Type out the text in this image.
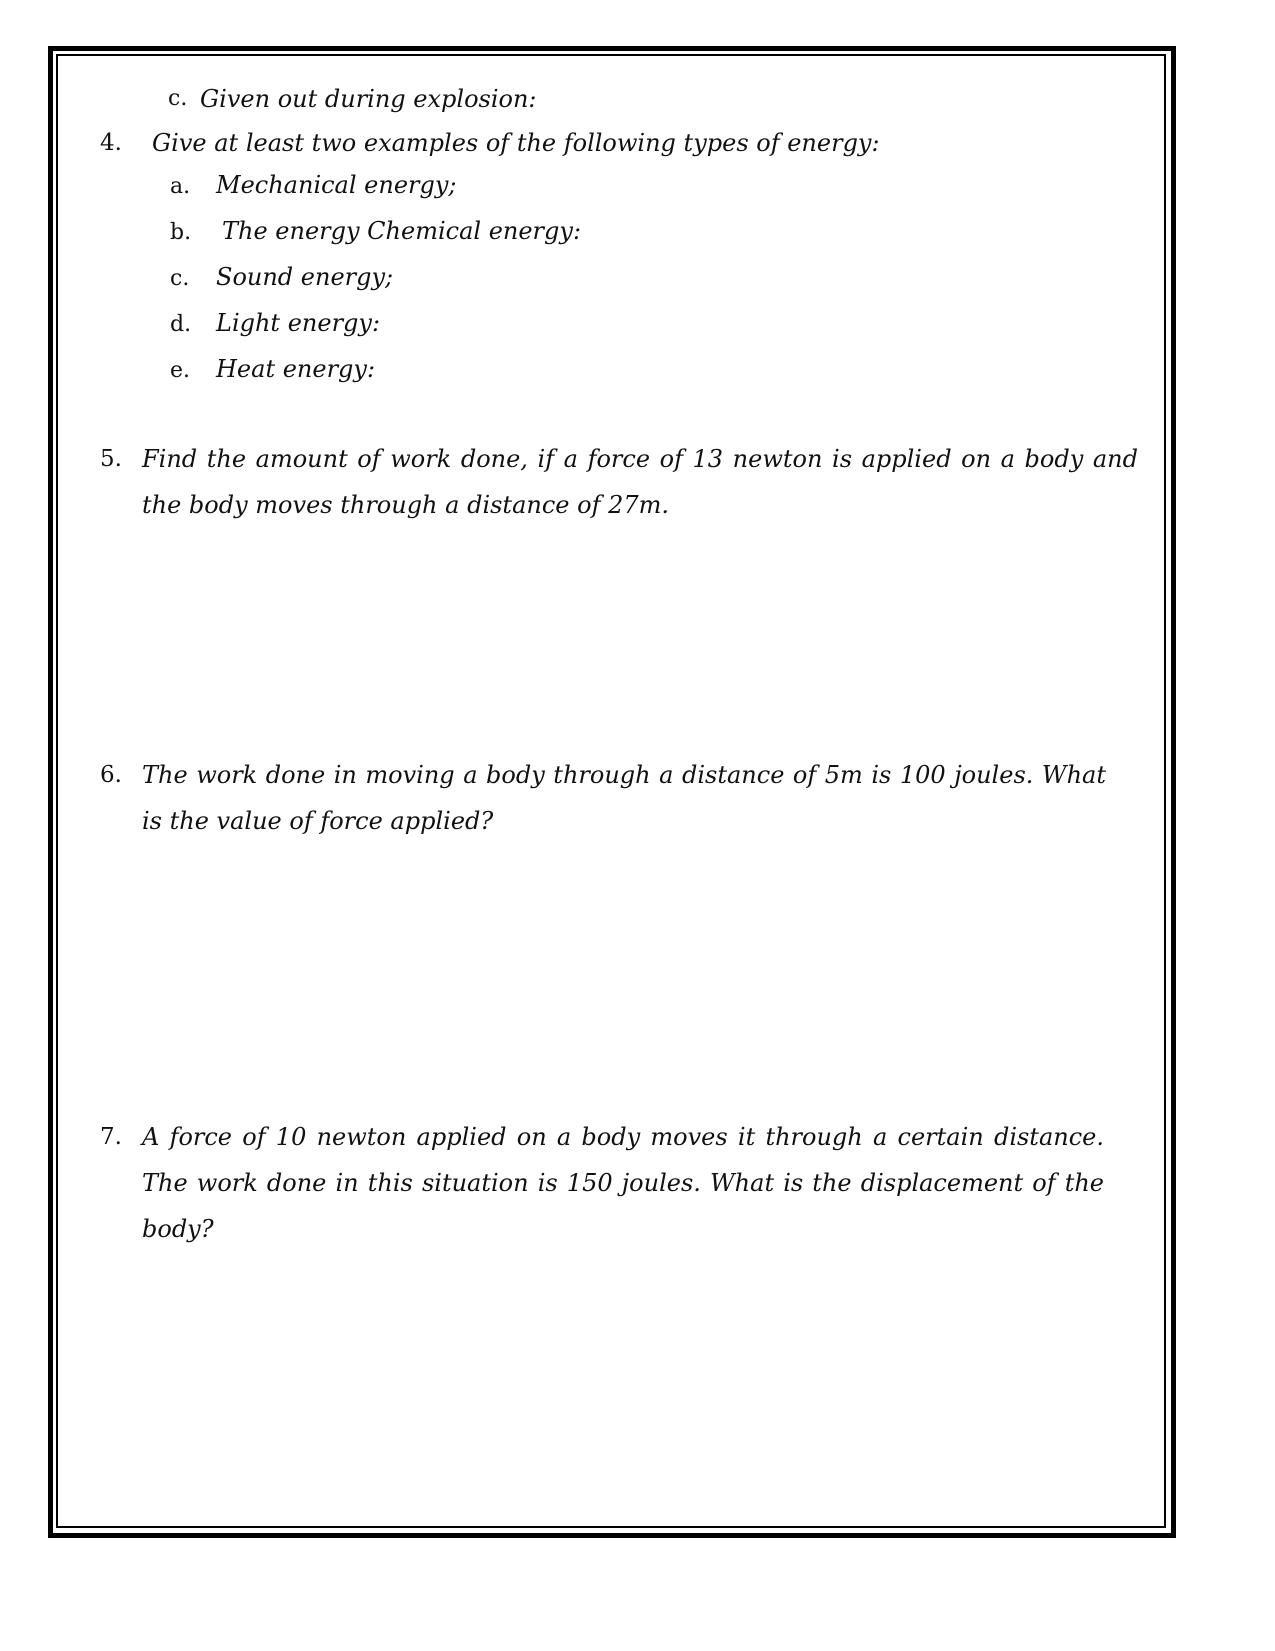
c. Given out during explosion:
4. Give at least two examples of the following types of energy:
a. Mechanical energy;
b. The energy Chemical energy:
c. Sound energy;
d. Light energy:
e. Heat energy:
5. Find the amount of work done, if a force of 13 newton is applied on a body and the body moves through a distance of 27m.
6. The work done in moving a body through a distance of 5m is 100 joules. What is the value of force applied?
7. A force of 10 newton applied on a body moves it through a certain distance. The work done in this situation is 150 joules. What is the displacement of the body?
